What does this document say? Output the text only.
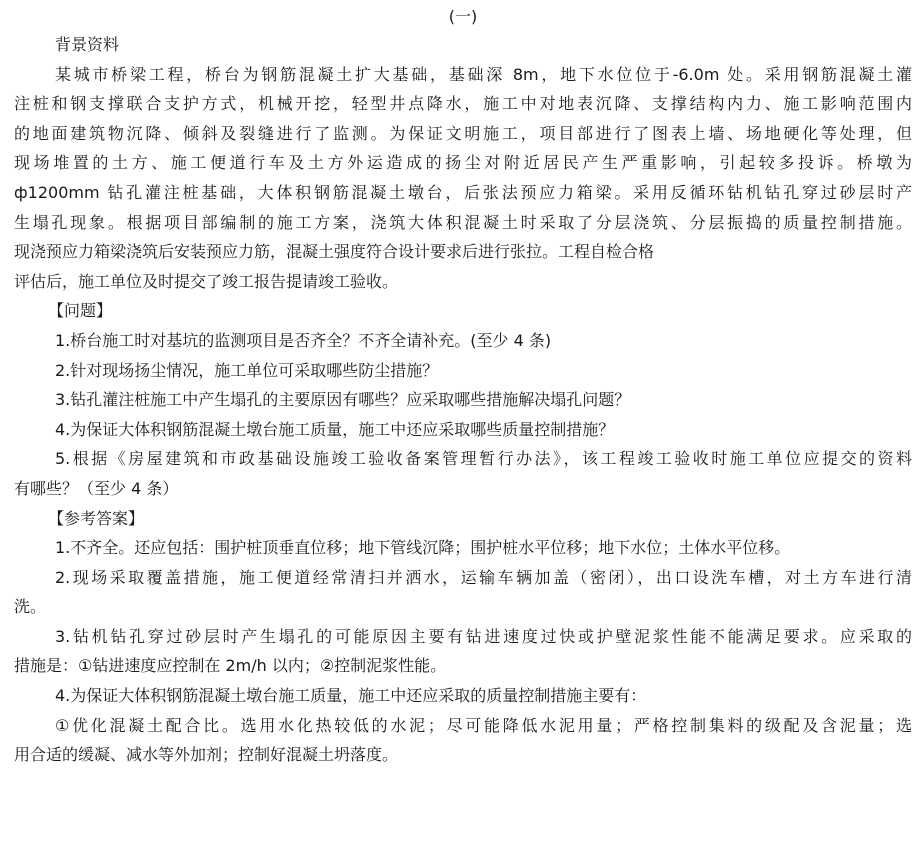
(一)

背景资料

某城市桥梁工程，桥台为钢筋混凝土扩大基础，基础深 8m，地下水位位于-6.0m 处。采用钢筋混凝土灌

注桩和钢支撑联合支护方式，机械开挖，轻型井点降水，施工中对地表沉降、支撑结构内力、施工影响范围内

的地面建筑物沉降、倾斜及裂缝进行了监测。为保证文明施工，项目部进行了图表上墙、场地硬化等处理，但

现场堆置的土方、施工便道行车及土方外运造成的扬尘对附近居民产生严重影响，引起较多投诉。桥墩为

ф1200mm 钻孔灌注桩基础，大体积钢筋混凝土墩台，后张法预应力箱梁。采用反循环钻机钻孔穿过砂层时产

生塌孔现象。根据项目部编制的施工方案，浇筑大体积混凝土时采取了分层浇筑、分层振捣的质量控制措施。

现浇预应力箱梁浇筑后安装预应力筋，混凝土强度符合设计要求后进行张拉。工程自检合格

评估后，施工单位及时提交了竣工报告提请竣工验收。

【问题】

1.桥台施工时对基坑的监测项目是否齐全？不齐全请补充。(至少 4 条)

2.针对现场扬尘情况，施工单位可采取哪些防尘措施？

3.钻孔灌注桩施工中产生塌孔的主要原因有哪些？应采取哪些措施解决塌孔问题？

4.为保证大体积钢筋混凝土墩台施工质量，施工中还应采取哪些质量控制措施？

5.根据《房屋建筑和市政基础设施竣工验收备案管理暂行办法》，该工程竣工验收时施工单位应提交的资料

有哪些？（至少 4 条）

【参考答案】

1.不齐全。还应包括：围护桩顶垂直位移；地下管线沉降；围护桩水平位移；地下水位；土体水平位移。

2.现场采取覆盖措施，施工便道经常清扫并洒水，运输车辆加盖（密闭），出口设洗车槽，对土方车进行清

洗。

3.钻机钻孔穿过砂层时产生塌孔的可能原因主要有钻进速度过快或护壁泥浆性能不能满足要求。应采取的

措施是：①钻进速度应控制在 2m/h 以内；②控制泥浆性能。

4.为保证大体积钢筋混凝土墩台施工质量，施工中还应采取的质量控制措施主要有：

①优化混凝土配合比。选用水化热较低的水泥；尽可能降低水泥用量；严格控制集料的级配及含泥量；选

用合适的缓凝、减水等外加剂；控制好混凝土坍落度。
